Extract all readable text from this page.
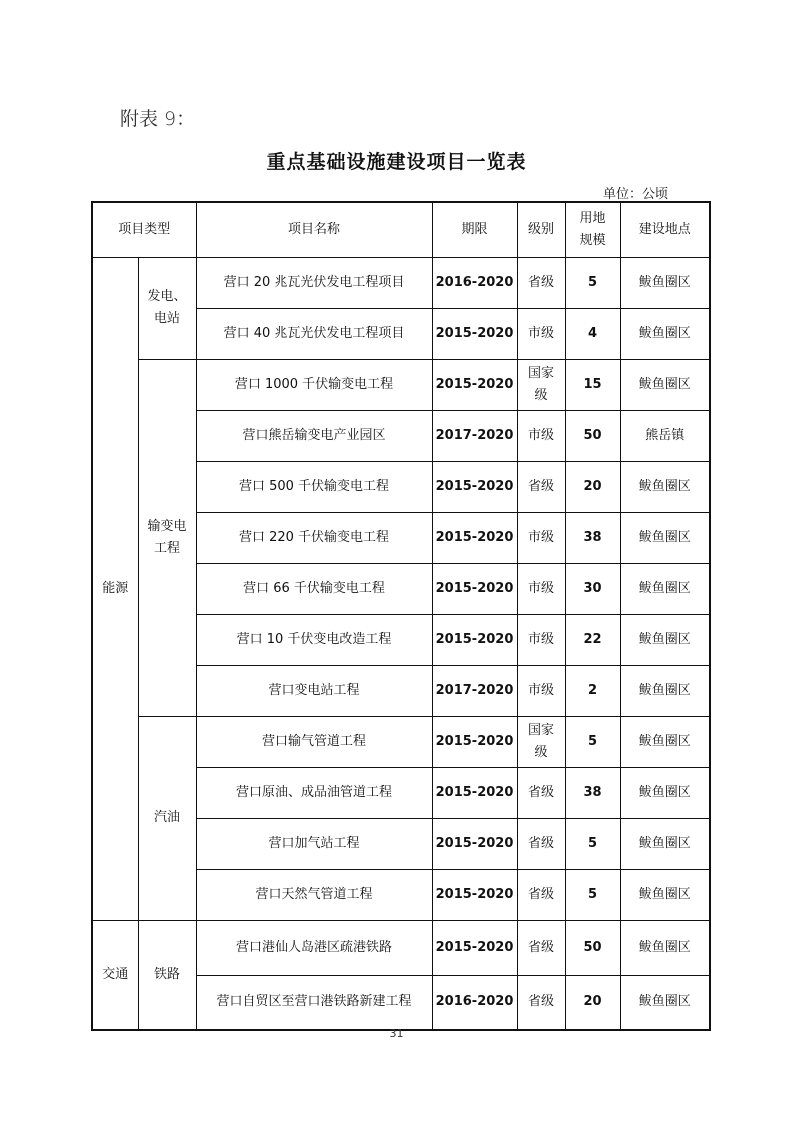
附表 9：
重点基础设施建设项目一览表
单位：公顷
项目类型		项目名称	期限	级别	用地规模	建设地点
能源	发电、电站	营口 20 兆瓦光伏发电工程项目	2016-2020	省级	5	鲅鱼圈区
		营口 40 兆瓦光伏发电工程项目	2015-2020	市级	4	鲅鱼圈区
	输变电工程	营口 1000 千伏输变电工程	2015-2020	国家级	15	鲅鱼圈区
		营口熊岳输变电产业园区	2017-2020	市级	50	熊岳镇
		营口 500 千伏输变电工程	2015-2020	省级	20	鲅鱼圈区
		营口 220 千伏输变电工程	2015-2020	市级	38	鲅鱼圈区
		营口 66 千伏输变电工程	2015-2020	市级	30	鲅鱼圈区
		营口 10 千伏变电改造工程	2015-2020	市级	22	鲅鱼圈区
		营口变电站工程	2017-2020	市级	2	鲅鱼圈区
	汽油	营口输气管道工程	2015-2020	国家级	5	鲅鱼圈区
		营口原油、成品油管道工程	2015-2020	省级	38	鲅鱼圈区
		营口加气站工程	2015-2020	省级	5	鲅鱼圈区
		营口天然气管道工程	2015-2020	省级	5	鲅鱼圈区
交通	铁路	营口港仙人岛港区疏港铁路	2015-2020	省级	50	鲅鱼圈区
		营口自贸区至营口港铁路新建工程	2016-2020	省级	20	鲅鱼圈区
31
